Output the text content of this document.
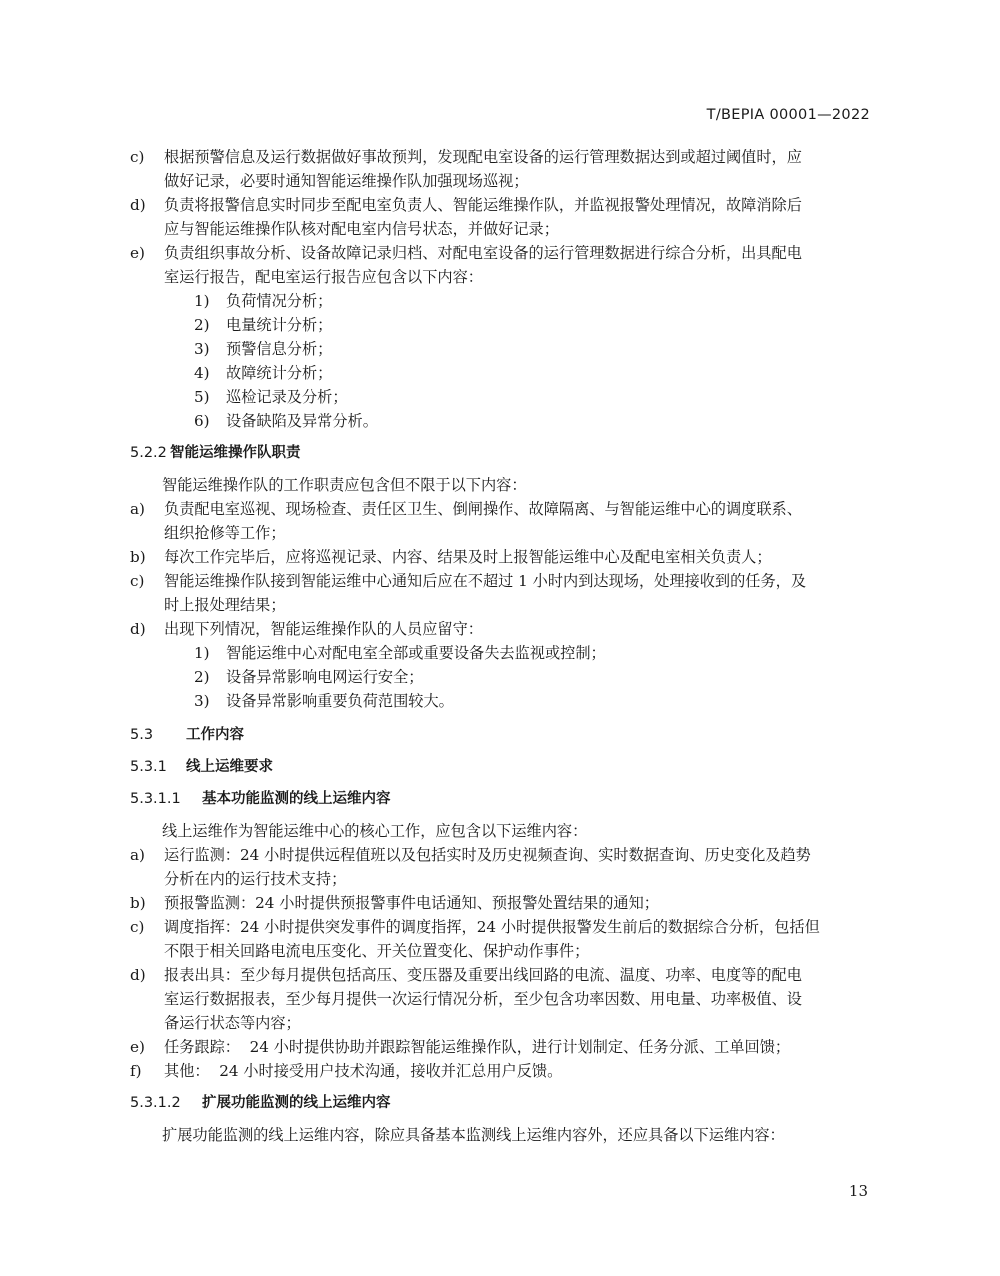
T/BEPIA 00001—2022
c)	根据预警信息及运行数据做好事故预判，发现配电室设备的运行管理数据达到或超过阈值时，应
做好记录，必要时通知智能运维操作队加强现场巡视；
d)	负责将报警信息实时同步至配电室负责人、智能运维操作队，并监视报警处理情况，故障消除后
应与智能运维操作队核对配电室内信号状态，并做好记录；
e)	负责组织事故分析、设备故障记录归档、对配电室设备的运行管理数据进行综合分析，出具配电
室运行报告，配电室运行报告应包含以下内容：
1)	负荷情况分析；
2)	电量统计分析；
3)	预警信息分析；
4)	故障统计分析；
5)	巡检记录及分析；
6)	设备缺陷及异常分析。
5.2.2 智能运维操作队职责
智能运维操作队的工作职责应包含但不限于以下内容：
a)	负责配电室巡视、现场检查、责任区卫生、倒闸操作、故障隔离、与智能运维中心的调度联系、
组织抢修等工作；
b)	每次工作完毕后，应将巡视记录、内容、结果及时上报智能运维中心及配电室相关负责人；
c)	智能运维操作队接到智能运维中心通知后应在不超过 1 小时内到达现场，处理接收到的任务，及
时上报处理结果；
d)	出现下列情况，智能运维操作队的人员应留守：
1)	智能运维中心对配电室全部或重要设备失去监视或控制；
2)	设备异常影响电网运行安全；
3)	设备异常影响重要负荷范围较大。
5.3 工作内容
5.3.1 线上运维要求
5.3.1.1 基本功能监测的线上运维内容
线上运维作为智能运维中心的核心工作，应包含以下运维内容：
a)	运行监测：24 小时提供远程值班以及包括实时及历史视频查询、实时数据查询、历史变化及趋势
分析在内的运行技术支持；
b)	预报警监测：24 小时提供预报警事件电话通知、预报警处置结果的通知；
c)	调度指挥：24 小时提供突发事件的调度指挥，24 小时提供报警发生前后的数据综合分析，包括但
不限于相关回路电流电压变化、开关位置变化、保护动作事件；
d)	报表出具：至少每月提供包括高压、变压器及重要出线回路的电流、温度、功率、电度等的配电
室运行数据报表，至少每月提供一次运行情况分析，至少包含功率因数、用电量、功率极值、设
备运行状态等内容；
e)	任务跟踪：  24 小时提供协助并跟踪智能运维操作队，进行计划制定、任务分派、工单回馈；
f)	其他：  24 小时接受用户技术沟通，接收并汇总用户反馈。
5.3.1.2 扩展功能监测的线上运维内容
扩展功能监测的线上运维内容，除应具备基本监测线上运维内容外，还应具备以下运维内容：
13
